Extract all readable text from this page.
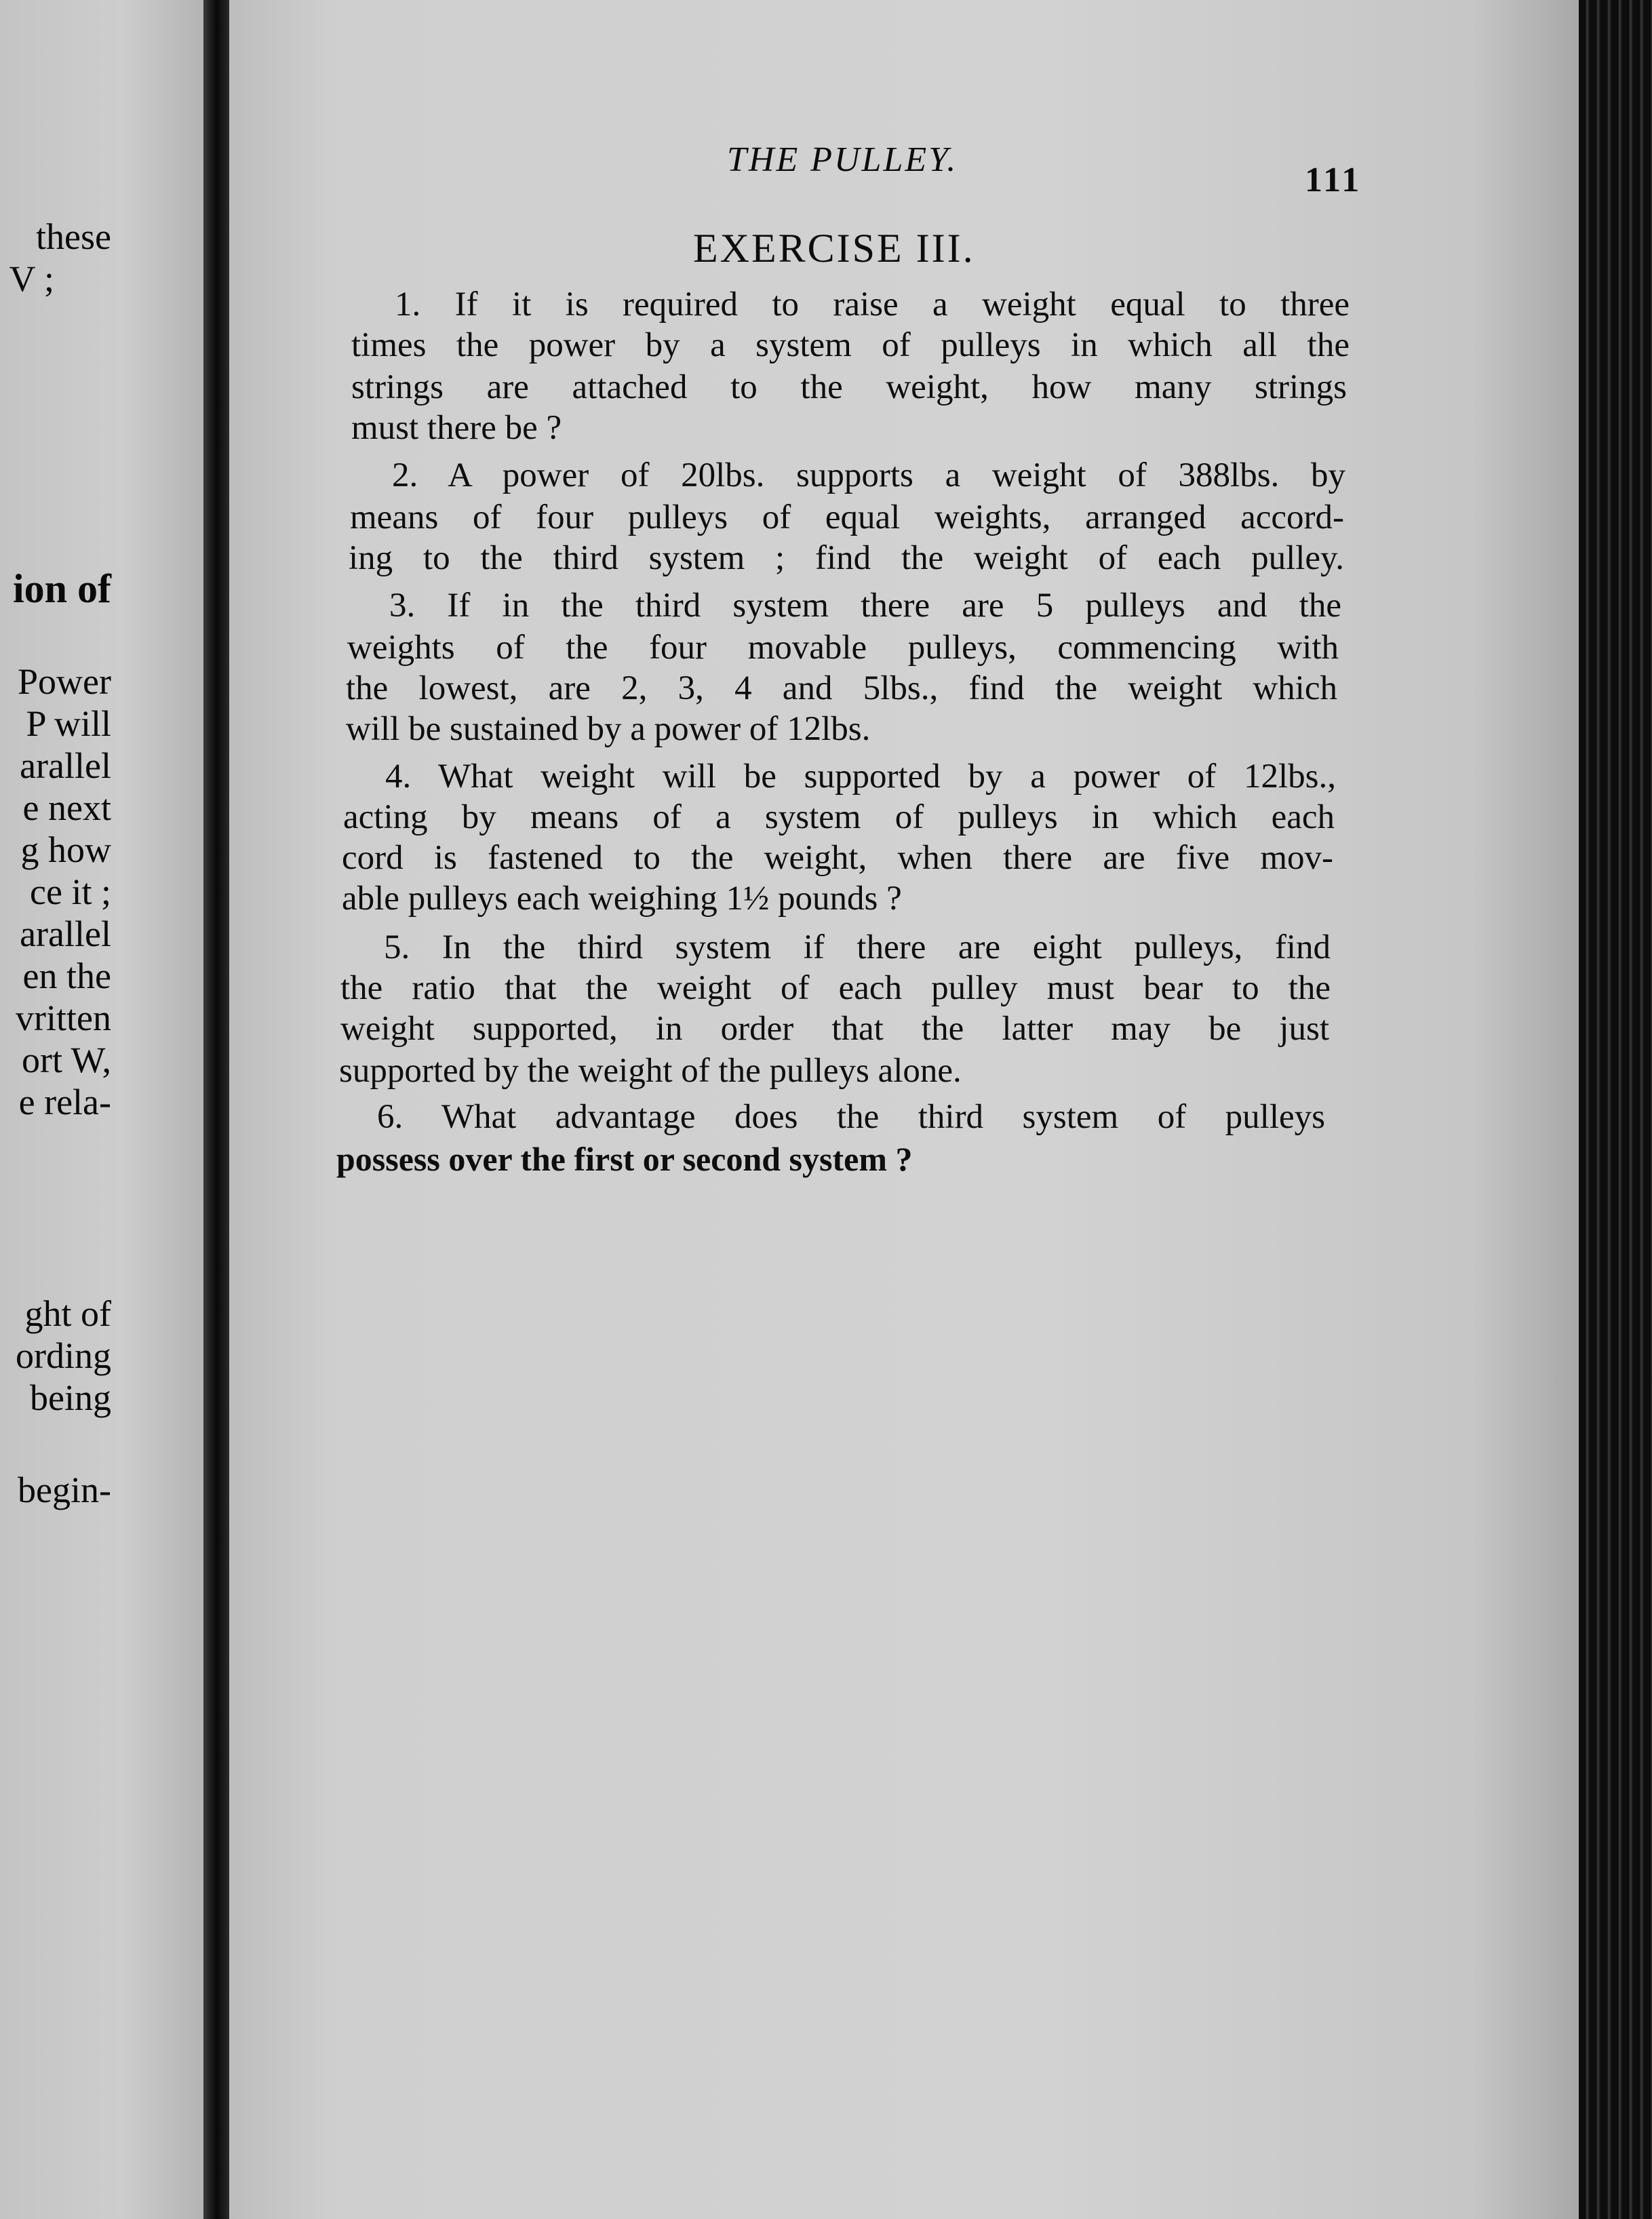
these
V ;
ion of
Power
P will
arallel
e next
g how
ce it ;
arallel
en the
vritten
ort W,
e rela-
ght of
ording
being
begin-
THE PULLEY.
111
EXERCISE III.
1. If it is required to raise a weight equal to three
times the power by a system of pulleys in which all the
strings are attached to the weight, how many strings
must there be ?
2. A power of 20lbs. supports a weight of 388lbs. by
means of four pulleys of equal weights, arranged accord-
ing to the third system ; find the weight of each pulley.
3. If in the third system there are 5 pulleys and the
weights of the four movable pulleys, commencing with
the lowest, are 2, 3, 4 and 5lbs., find the weight which
will be sustained by a power of 12lbs.
4. What weight will be supported by a power of 12lbs.,
acting by means of a system of pulleys in which each
cord is fastened to the weight, when there are five mov-
able pulleys each weighing 1½ pounds ?
5. In the third system if there are eight pulleys, find
the ratio that the weight of each pulley must bear to the
weight supported, in order that the latter may be just
supported by the weight of the pulleys alone.
6. What advantage does the third system of pulleys
possess over the first or second system ?
